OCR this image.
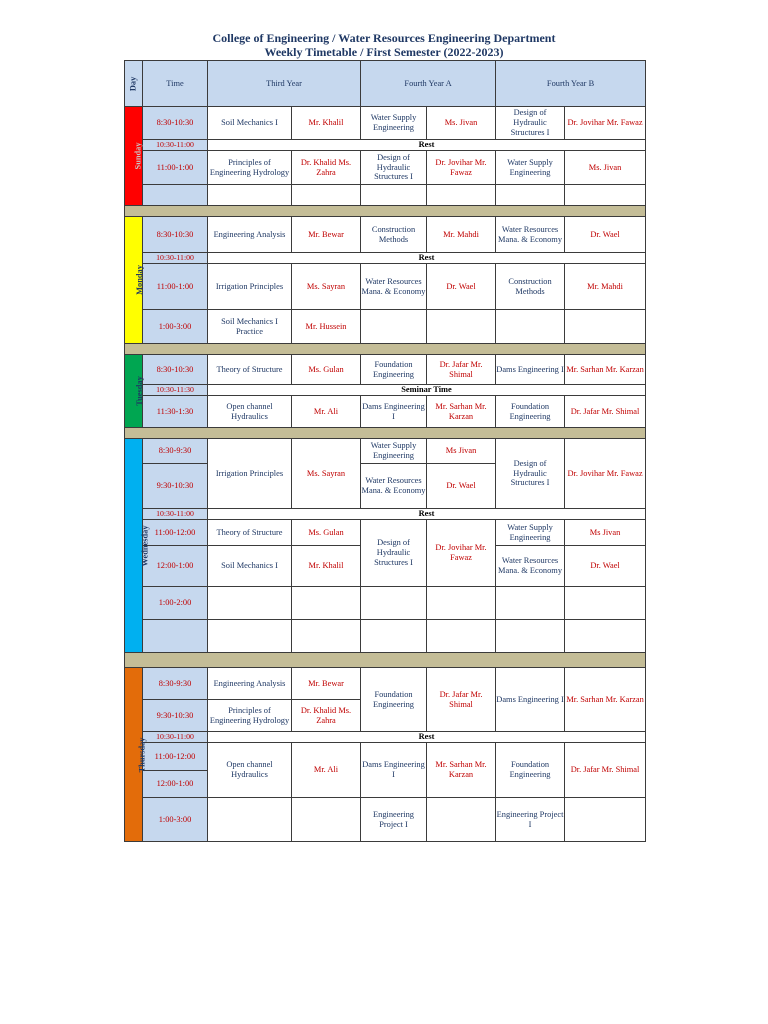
College of Engineering / Water Resources Engineering Department
Weekly Timetable / First Semester (2022-2023)
Day	Time	Third Year		Fourth Year A		Fourth Year B	
Sunday	8:30-10:30	Soil Mechanics I	Mr. Khalil	Water Supply Engineering	Ms. Jivan	Design of Hydraulic Structures I	Dr. Jovihar Mr. Fawaz
	10:30-11:00	Rest					
	11:00-1:00	Principles of Engineering Hydrology	Dr. Khalid Ms. Zahra	Design of Hydraulic Structures I	Dr. Jovihar Mr. Fawaz	Water Supply Engineering	Ms. Jivan

Monday	8:30-10:30	Engineering Analysis	Mr. Bewar	Construction Methods	Mr. Mahdi	Water Resources Mana. & Economy	Dr. Wael
	10:30-11:00	Rest					
	11:00-1:00	Irrigation Principles	Ms. Sayran	Water Resources Mana. & Economy	Dr. Wael	Construction Methods	Mr. Mahdi
	1:00-3:00	Soil Mechanics I Practice	Mr. Hussein				

Tuesday	8:30-10:30	Theory of Structure	Ms. Gulan	Foundation Engineering	Dr. Jafar Mr. Shimal	Dams Engineering I	Mr. Sarhan Mr. Karzan
	10:30-11:30	Seminar Time					
	11:30-1:30	Open channel Hydraulics	Mr. Ali	Dams Engineering I	Mr. Sarhan Mr. Karzan	Foundation Engineering	Dr. Jafar Mr. Shimal

Wednesday	8:30-9:30	Irrigation Principles	Ms. Sayran	Water Supply Engineering	Ms Jivan	Design of Hydraulic Structures I	Dr. Jovihar Mr. Fawaz
	9:30-10:30			Water Resources Mana. & Economy	Dr. Wael		
	10:30-11:00	Rest					
	11:00-12:00	Theory of Structure	Ms. Gulan	Design of Hydraulic Structures I	Dr. Jovihar Mr. Fawaz	Water Supply Engineering	Ms Jivan
	12:00-1:00	Soil Mechanics I	Mr. Khalil			Water Resources Mana. & Economy	Dr. Wael
	1:00-2:00						

Thursday	8:30-9:30	Engineering Analysis	Mr. Bewar	Foundation Engineering	Dr. Jafar Mr. Shimal	Dams Engineering I	Mr. Sarhan Mr. Karzan
	9:30-10:30	Principles of Engineering Hydrology	Dr. Khalid Ms. Zahra				
	10:30-11:00	Rest					
	11:00-12:00	Open channel Hydraulics	Mr. Ali	Dams Engineering I	Mr. Sarhan Mr. Karzan	Foundation Engineering	Dr. Jafar Mr. Shimal
	12:00-1:00						
	1:00-3:00			Engineering Project I		Engineering Project I	
